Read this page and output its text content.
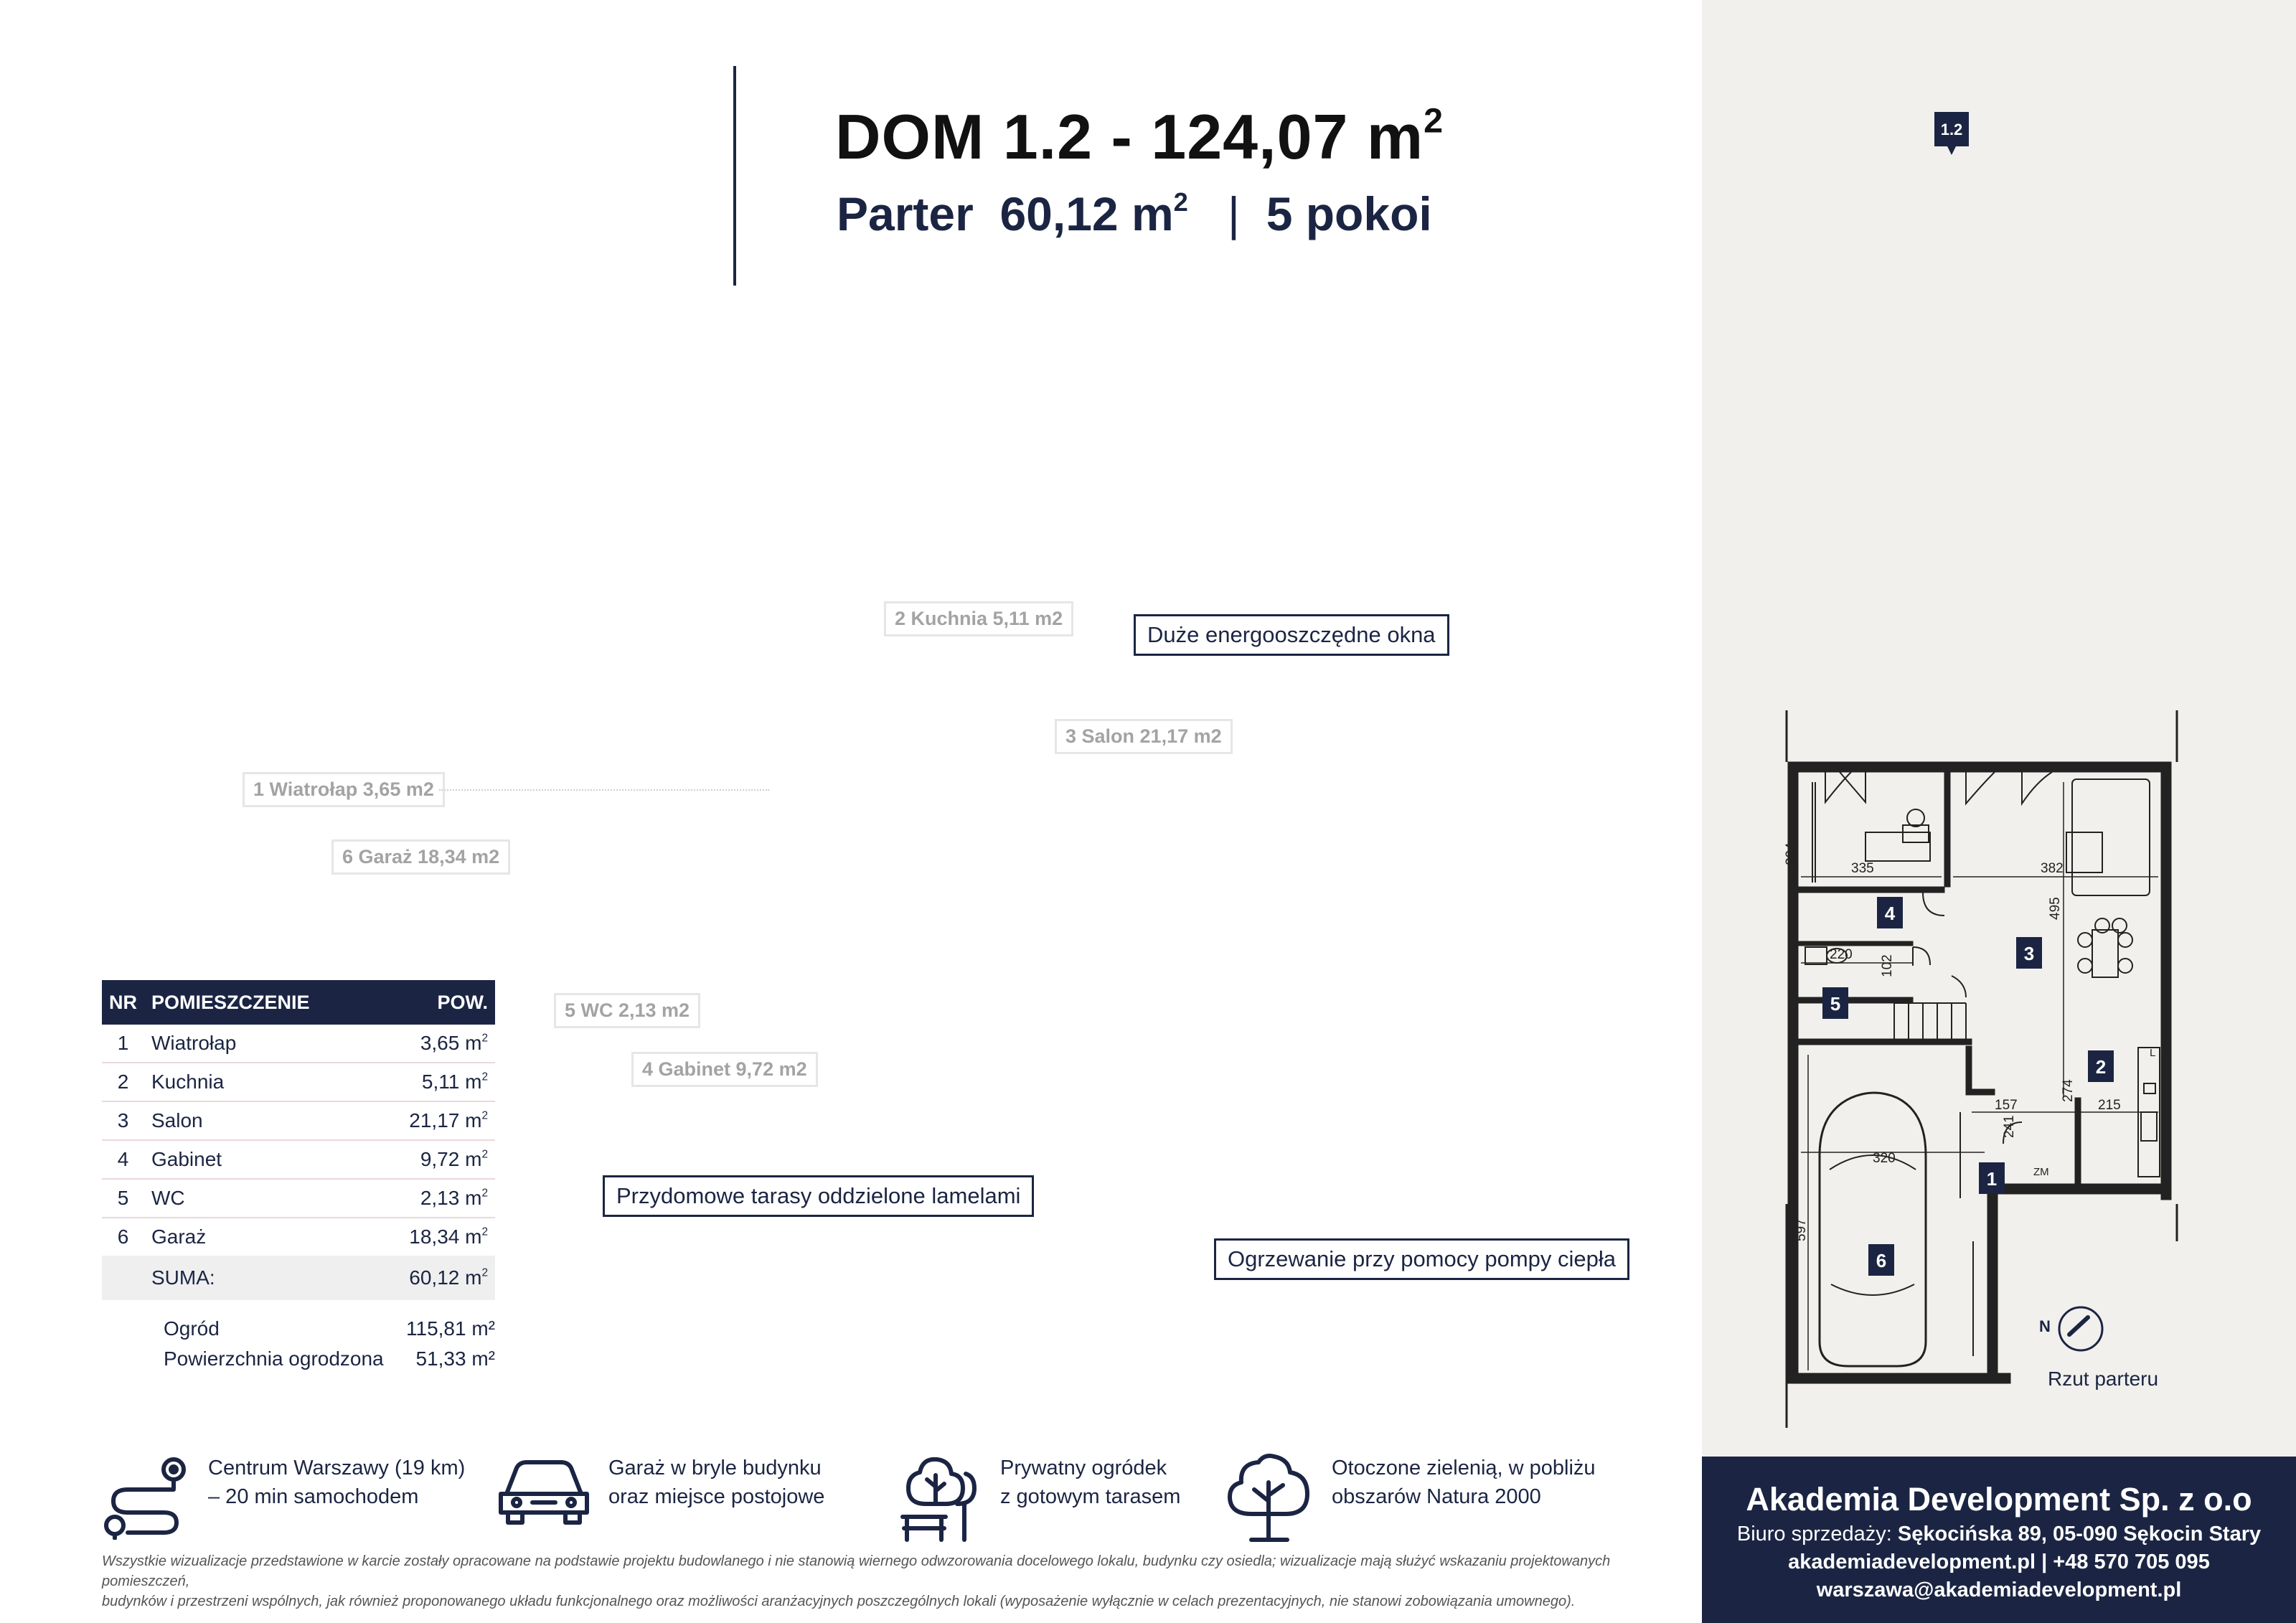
DOM 1.2 - 124,07 $m^2$
Parter 60,12 $m^2$ | 5 pokoi
2 Kuchnia 5,11 m2
3 Salon 21,17 m2
1 Wiatrołap 3,65 m2
6 Garaż 18,34 m2
5 WC 2,13 m2
4 Gabinet 9,72 m2
Duże energooszczędne okna
Przydomowe tarasy oddzielone lamelami
Ogrzewanie przy pomocy pompy ciepła
NR	POMIESZCZENIE	POW.
1	Wiatrołap	3,65 $m^2$
2	Kuchnia	5,11 $m^2$
3	Salon	21,17 $m^2$
4	Gabinet	9,72 $m^2$
5	WC	2,13 $m^2$
6	Garaż	18,34 $m^2$
	SUMA:	60,12 $m^2$
Ogród	115,81 m²
Powierzchnia ogrodzona 51,33 m²
Centrum Warszawy (19 km)
– 20 min samochodem
Garaż w bryle budynku
oraz miejsce postojowe
Prywatny ogródek
z gotowym tarasem
Otoczone zielenią, w pobliżu
obszarów Natura 2000
Wszystkie wizualizacje przedstawione w karcie zostały opracowane na podstawie projektu budowlanego i nie stanowią wiernego odwzorowania docelowego lokalu, budynku czy osiedla; wizualizacje mają służyć wskazaniu projektowanych pomieszczeń,
budynków i przestrzeni wspólnych, jak również proponowanego układu funkcjonalnego oraz możliwości aranżacyjnych poszczególnych lokali (wyposażenie wyłącznie w celach prezentacyjnych, nie stanowi zobowiązania umownego).
Akademia Development Sp. z o.o
Biuro sprzedaży: Sękocińska 89, 05-090 Sękocin Stary
akademiadevelopment.pl | +48 570 705 095
warszawa@akademiadevelopment.pl
1.2
1
2
3
4
5
6
294
335	382
495
220 102
274
215
157
241
320
597
ZM
L
N
Rzut parteru
